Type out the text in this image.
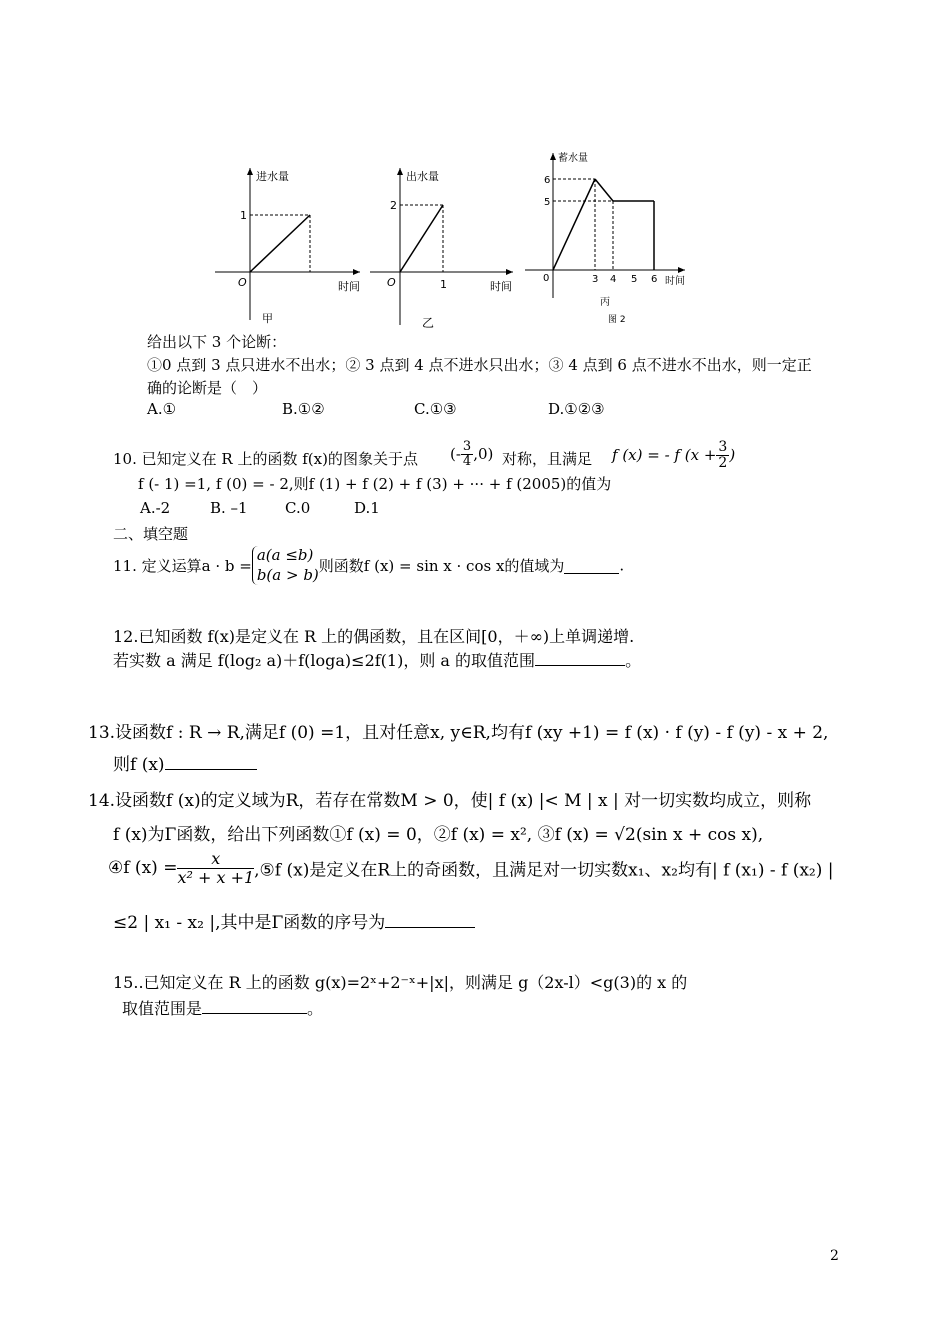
进水量
1
O	时间
甲
出水量
2
O	1	时间
乙
蓄水量
6
5
0	3 4 5 6 时间
丙
图 2
给出以下 3 个论断：
①0 点到 3 点只进水不出水；② 3 点到 4 点不进水只出水；③ 4 点到 6 点不进水不出水，则一定正
确的论断是（　）
A.①	B.①②	C.①③	D.①②③
10. 已知定义在 R 上的函数 f(x)的图象关于点 (- $\frac{3}{4} ,0$) 对称，且满足 f (x) = - f ($x + \frac{3}{2}$ )
f (- 1) =1, f (0) = - 2,则f (1) + f (2) + f (3) + ··· + f (2005)的值为
A.-2	B. –1 C.0	D.1
二、填空题
11. 定义运算a · b =
a(a ≤b)
b(a > b) 则函数f (x) = sin x · cos x的值域为	.
12.已知函数 f(x)是定义在 R 上的偶函数，且在区间[0，＋∞)上单调递增.
若实数 a 满足 f(log₂ a)＋f(loga)≤2f(1)，则 a 的取值范围	。
13.设函数f : R → R,满足f (0) =1，且对任意x, y∈R,均有f (xy +1) = f (x) · f (y) - f (y) - x + 2,
则f (x)
14.设函数f (x)的定义域为R，若存在常数M > 0，使| f (x) |< M | x | 对一切实数均成立，则称
f (x)为Γ函数，给出下列函数①f (x) = 0，②f (x) = x², ③f (x) = √2(sin x + cos x),
④f $(x) = \frac{x}{\text{x² + x +1}}$ ,⑤f (x)是定义在R上的奇函数，且满足对一切实数x₁、x₂均有| f (x₁) - f (x₂) |
≤2 | x₁ - x₂ |,其中是Γ函数的序号为
15..已知定义在 R 上的函数 g(x)=2ˣ+2⁻ˣ+|x|，则满足 g（2x-l）<g(3)的 x 的
取值范围是	。
2
